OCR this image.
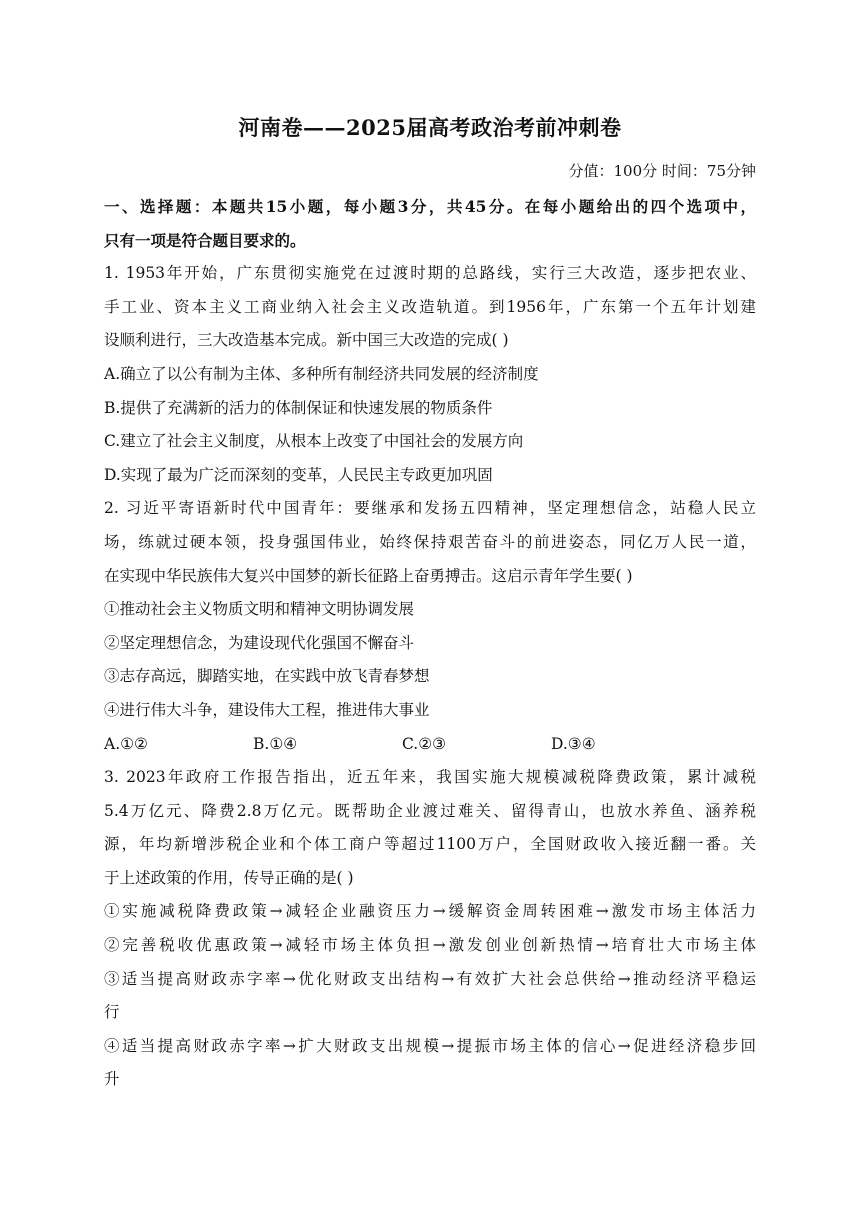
河南卷——2025届高考政治考前冲刺卷
分值：100分 时间：75分钟
一、选择题：本题共15小题，每小题3分，共45分。在每小题给出的四个选项中，
只有一项是符合题目要求的。
1. 1953年开始，广东贯彻实施党在过渡时期的总路线，实行三大改造，逐步把农业、
手工业、资本主义工商业纳入社会主义改造轨道。到1956年，广东第一个五年计划建
设顺利进行，三大改造基本完成。新中国三大改造的完成( )
A.确立了以公有制为主体、多种所有制经济共同发展的经济制度
B.提供了充满新的活力的体制保证和快速发展的物质条件
C.建立了社会主义制度，从根本上改变了中国社会的发展方向
D.实现了最为广泛而深刻的变革，人民民主专政更加巩固
2. 习近平寄语新时代中国青年：要继承和发扬五四精神，坚定理想信念，站稳人民立
场，练就过硬本领，投身强国伟业，始终保持艰苦奋斗的前进姿态，同亿万人民一道，
在实现中华民族伟大复兴中国梦的新长征路上奋勇搏击。这启示青年学生要( )
①推动社会主义物质文明和精神文明协调发展
②坚定理想信念，为建设现代化强国不懈奋斗
③志存高远，脚踏实地，在实践中放飞青春梦想
④进行伟大斗争，建设伟大工程，推进伟大事业
A.①②	B.①④	C.②③	D.③④
3. 2023年政府工作报告指出，近五年来，我国实施大规模减税降费政策，累计减税
5.4万亿元、降费2.8万亿元。既帮助企业渡过难关、留得青山，也放水养鱼、涵养税
源，年均新增涉税企业和个体工商户等超过1100万户，全国财政收入接近翻一番。关
于上述政策的作用，传导正确的是( )
①实施减税降费政策→减轻企业融资压力→缓解资金周转困难→激发市场主体活力
②完善税收优惠政策→减轻市场主体负担→激发创业创新热情→培育壮大市场主体
③适当提高财政赤字率→优化财政支出结构→有效扩大社会总供给→推动经济平稳运
行
④适当提高财政赤字率→扩大财政支出规模→提振市场主体的信心→促进经济稳步回
升
